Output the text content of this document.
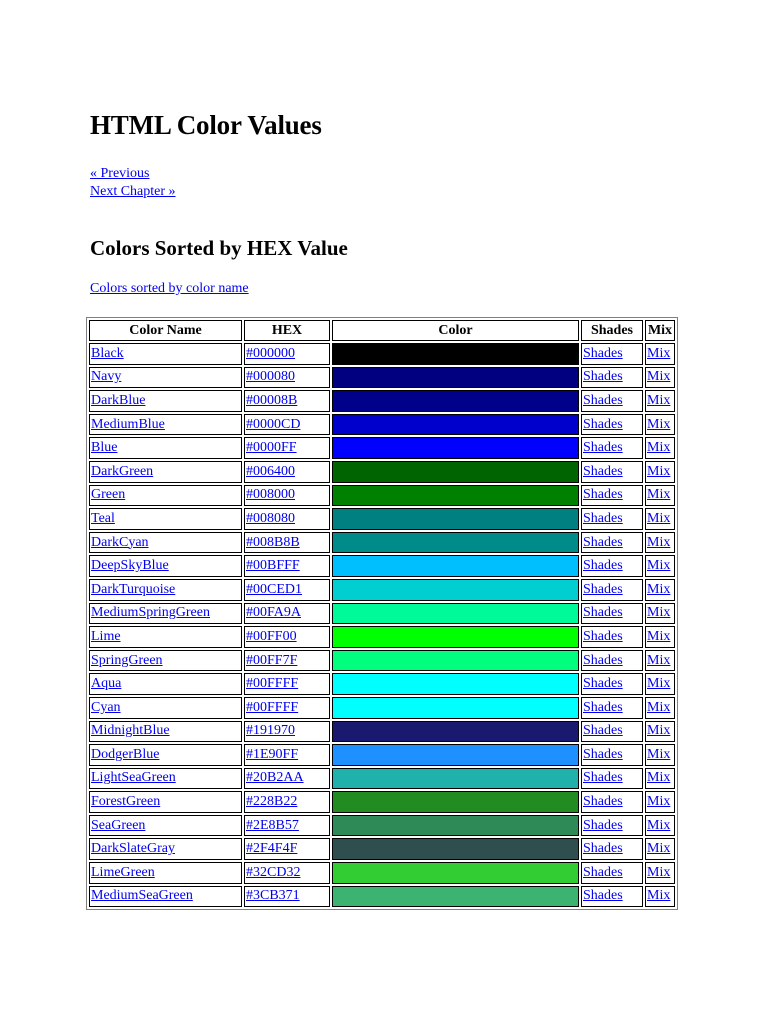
HTML Color Values
« Previous
Next Chapter »
Colors Sorted by HEX Value
Colors sorted by color name
Color Name	HEX	Color	Shades	Mix
Black	#000000		Shades	Mix
Navy	#000080		Shades	Mix
DarkBlue	#00008B		Shades	Mix
MediumBlue	#0000CD		Shades	Mix
Blue	#0000FF		Shades	Mix
DarkGreen	#006400		Shades	Mix
Green	#008000		Shades	Mix
Teal	#008080		Shades	Mix
DarkCyan	#008B8B		Shades	Mix
DeepSkyBlue	#00BFFF		Shades	Mix
DarkTurquoise	#00CED1		Shades	Mix
MediumSpringGreen	#00FA9A		Shades	Mix
Lime	#00FF00		Shades	Mix
SpringGreen	#00FF7F		Shades	Mix
Aqua	#00FFFF		Shades	Mix
Cyan	#00FFFF		Shades	Mix
MidnightBlue	#191970		Shades	Mix
DodgerBlue	#1E90FF		Shades	Mix
LightSeaGreen	#20B2AA		Shades	Mix
ForestGreen	#228B22		Shades	Mix
SeaGreen	#2E8B57		Shades	Mix
DarkSlateGray	#2F4F4F		Shades	Mix
LimeGreen	#32CD32		Shades	Mix
MediumSeaGreen	#3CB371		Shades	Mix
